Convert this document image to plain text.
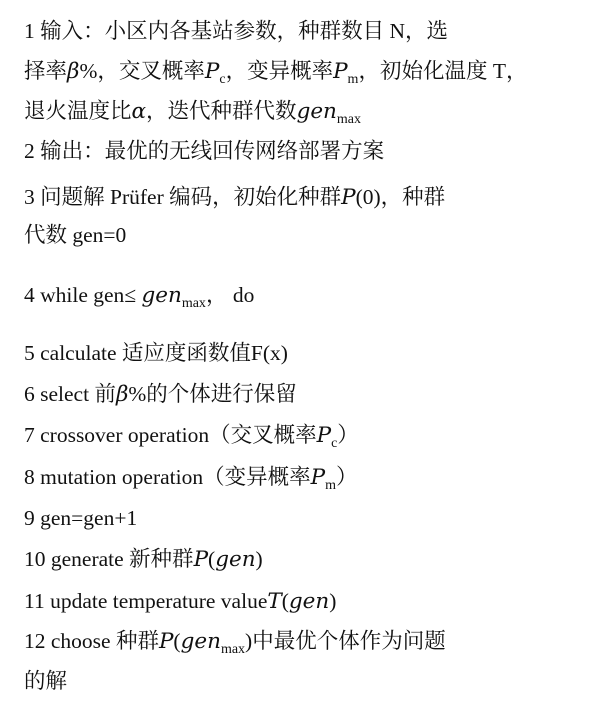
1 输入：小区内各基站参数，种群数目 N，选
择率β%，交叉概率$P_c$，变异概率$P_m$，初始化温度 T，
退火温度比α，迭代种群代数gen$_{max}$
2 输出：最优的无线回传网络部署方案
3 问题解 Prüfer 编码，初始化种群P(0)，种群
代数 gen=0
4 while gen≤ gen$_{max}$， do
5 calculate 适应度函数值F(x)
6 select 前β%的个体进行保留
7 crossover operation（交叉概率$P_c$）
8 mutation operation（变异概率$P_m$）
9 gen=gen+1
10 generate 新种群P(gen)
11 update temperature valueT(gen)
12 choose 种群P(gen$_{max}$)中最优个体作为问题
的解
